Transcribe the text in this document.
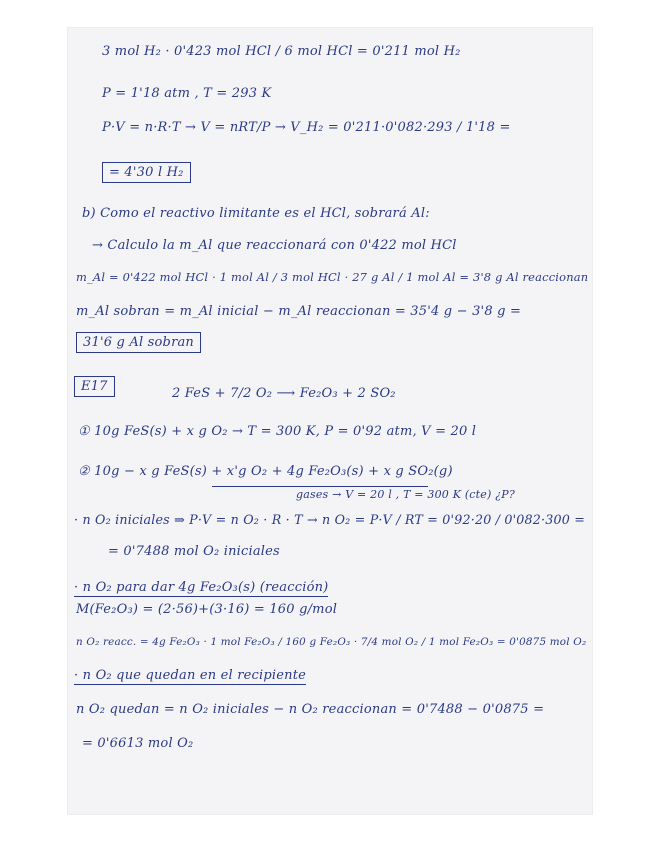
3 mol H₂ · 0'423 mol HCl / 6 mol HCl = 0'211 mol H₂
P = 1'18 atm , T = 293 K
P·V = n·R·T → V = nRT/P → V_H₂ = 0'211·0'082·293 / 1'18 =
= 4'30 l H₂
b) Como el reactivo limitante es el HCl, sobrará Al:
→ Calculo la m_Al que reaccionará con 0'422 mol HCl
m_Al = 0'422 mol HCl · 1 mol Al / 3 mol HCl · 27 g Al / 1 mol Al = 3'8 g Al reaccionan
m_Al sobran = m_Al inicial − m_Al reaccionan = 35'4 g − 3'8 g =
31'6 g Al sobran
E17	2 FeS + 7/2 O₂ ⟶ Fe₂O₃ + 2 SO₂
① 10g FeS(s) + x g O₂ → T = 300 K, P = 0'92 atm, V = 20 l
② 10g − x g FeS(s) + x'g O₂ + 4g Fe₂O₃(s) + x g SO₂(g)
gases → V = 20 l , T = 300 K (cte) ¿P?
· n O₂ iniciales ⇒ P·V = n O₂ · R · T → n O₂ = P·V / RT = 0'92·20 / 0'082·300 =
= 0'7488 mol O₂ iniciales
· n O₂ para dar 4g Fe₂O₃(s) (reacción)
M(Fe₂O₃) = (2·56)+(3·16) = 160 g/mol
n O₂ reacc. = 4g Fe₂O₃ · 1 mol Fe₂O₃ / 160 g Fe₂O₃ · 7/4 mol O₂ / 1 mol Fe₂O₃ = 0'0875 mol O₂
· n O₂ que quedan en el recipiente
n O₂ quedan = n O₂ iniciales − n O₂ reaccionan = 0'7488 − 0'0875 =
= 0'6613 mol O₂
